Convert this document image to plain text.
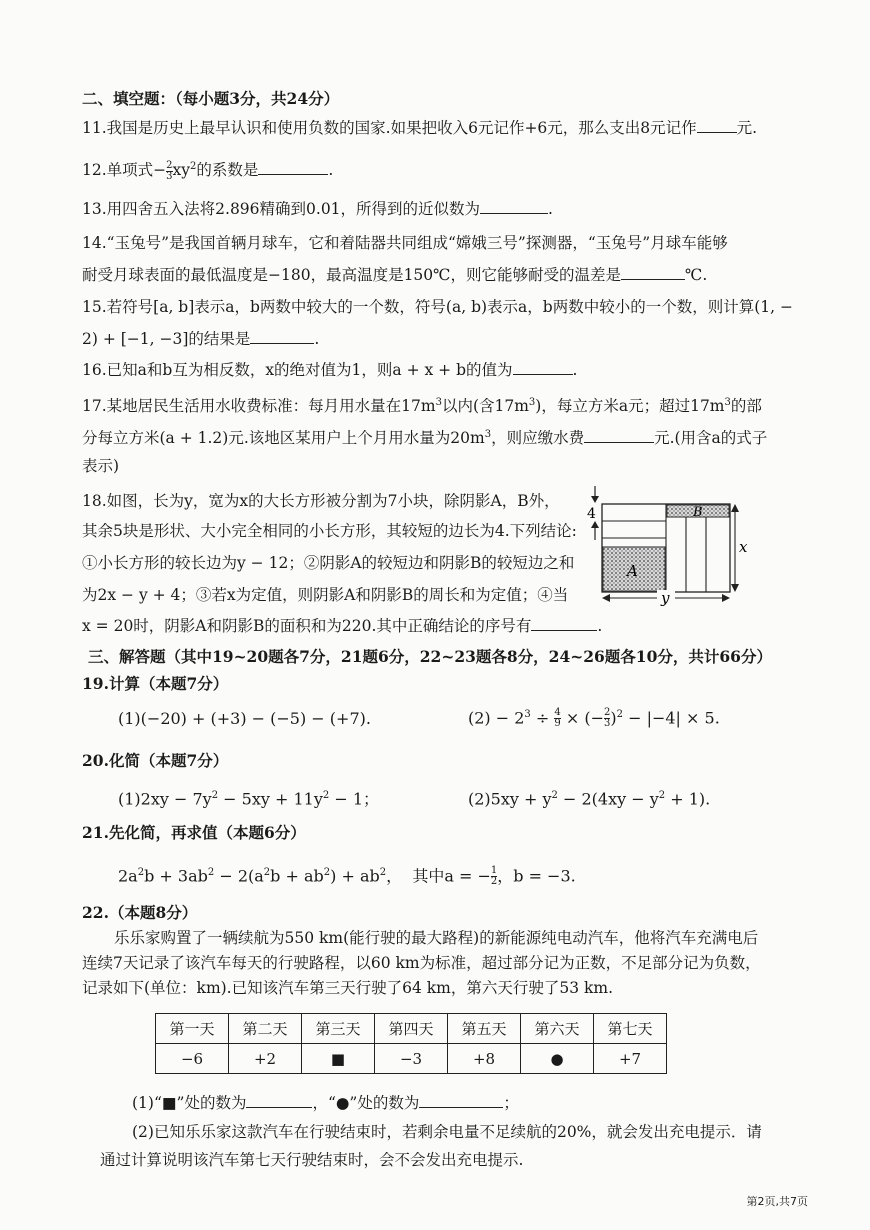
二、填空题：（每小题3分，共24分）
11.我国是历史上最早认识和使用负数的国家.如果把收入6元记作+6元，那么支出8元记作	元.
12.单项式− $\frac{2}{3} xy^2$的系数是	.
13.用四舍五入法将2.896精确到0.01，所得到的近似数为	.
14.“玉兔号”是我国首辆月球车，它和着陆器共同组成“嫦娥三号”探测器，“玉兔号”月球车能够
耐受月球表面的最低温度是−180，最高温度是150℃，则它能够耐受的温差是	℃.
15.若符号[a, b]表示a，b两数中较大的一个数，符号(a, b)表示a，b两数中较小的一个数，则计算(1, −
2) + [−1, −3]的结果是	.
16.已知a和b互为相反数，x的绝对值为1，则a + x + b的值为	.
17.某地居民生活用水收费标准：每月用水量在$17m^3$以内(含$17m^3$)，每立方米a元；超过$17m^3$的部
分每立方米(a + 1.2)元.该地区某用户上个月用水量为$20m^3$，则应缴水费	元.(用含a的式子
表示)
18.如图，长为y，宽为x的大长方形被分割为7小块，除阴影A，B外，
其余5块是形状、大小完全相同的小长方形，其较短的边长为4.下列结论:
①小长方形的较长边为y − 12；②阴影A的较短边和阴影B的较短边之和
为2x − y + 4；③若x为定值，则阴影A和阴影B的周长和为定值；④当
x = 20时，阴影A和阴影B的面积和为220.其中正确结论的序号有	.
4
A
B
x
y
三、解答题（其中19~20题各7分，21题6分，22~23题各8分，24~26题各10分，共计66分）
19.计算（本题7分）
(1)(−20) + (+3) − (−5) − (+7).	$(2) - 2^3 \div \frac{4}{9}$ × (− $\frac{2}{3} )^2 - |-4| \times 5$.
20.化简（本题7分）
$(1)2xy - 7y^2 - 5xy + 11y^2 - 1$；	$(2)5xy + y^2 - 2(4xy - y^2 + 1)$.
21.先化简，再求值（本题6分）
$2a^2b + 3ab^2 - 2(a^2b + ab^2) + ab^2$， 其中a = − $\frac{1}{2}$ ，b = −3.
22.（本题8分）
乐乐家购置了一辆续航为550 km(能行驶的最大路程)的新能源纯电动汽车，他将汽车充满电后
连续7天记录了该汽车每天的行驶路程，以60 km为标准，超过部分记为正数，不足部分记为负数，
记录如下(单位：km).已知该汽车第三天行驶了64 km，第六天行驶了53 km.
第一天	第二天	第三天	第四天	第五天	第六天	第七天
−6	+2	■	−3	+8	●	+7
(1)“■”处的数为	，“●”处的数为	；
(2)已知乐乐家这款汽车在行驶结束时，若剩余电量不足续航的20%，就会发出充电提示．请
通过计算说明该汽车第七天行驶结束时，会不会发出充电提示.
第2页,共7页
